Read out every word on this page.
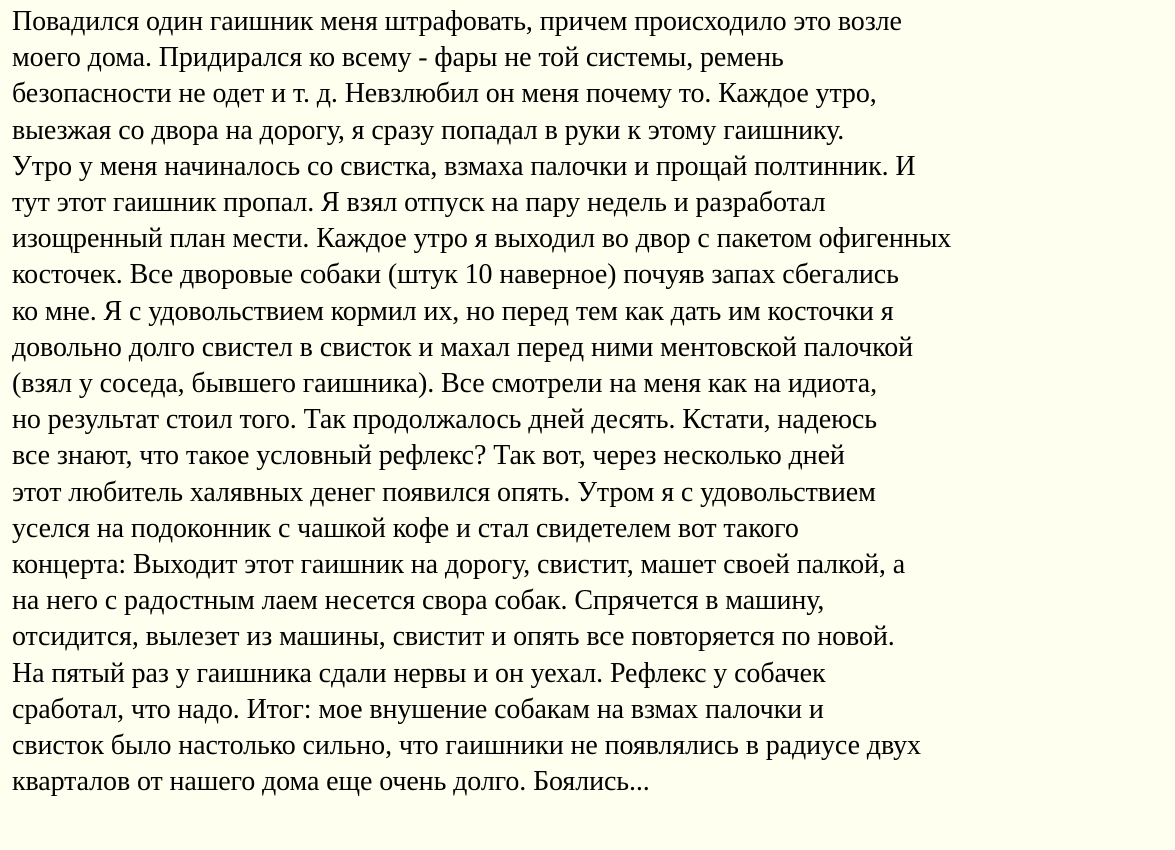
Повадился один гаишник меня штрафовать, причем происходило это возле
моего дома. Придирался ко всему - фары не той системы, ремень
безопасности не одет и т. д. Невзлюбил он меня почему то. Каждое утро,
выезжая со двора на дорогу, я сразу попадал в руки к этому гаишнику.
Утро у меня начиналось со свистка, взмаха палочки и прощай полтинник. И
тут этот гаишник пропал. Я взял отпуск на пару недель и разработал
изощренный план мести. Каждое утро я выходил во двор с пакетом офигенных
косточек. Все дворовые собаки (штук 10 наверное) почуяв запах сбегались
ко мне. Я с удовольствием кормил их, но перед тем как дать им косточки я
довольно долго свистел в свисток и махал перед ними ментовской палочкой
(взял у соседа, бывшего гаишника). Все смотрели на меня как на идиота,
но результат стоил того. Так продолжалось дней десять. Кстати, надеюсь
все знают, что такое условный рефлекс? Так вот, через несколько дней
этот любитель халявных денег появился опять. Утром я с удовольствием
уселся на подоконник с чашкой кофе и стал свидетелем вот такого
концерта: Выходит этот гаишник на дорогу, свистит, машет своей палкой, а
на него с радостным лаем несется свора собак. Спрячется в машину,
отсидится, вылезет из машины, свистит и опять все повторяется по новой.
На пятый раз у гаишника сдали нервы и он уехал. Рефлекс у собачек
сработал, что надо. Итог: мое внушение собакам на взмах палочки и
свисток было настолько сильно, что гаишники не появлялись в радиусе двух
кварталов от нашего дома еще очень долго. Боялись...
